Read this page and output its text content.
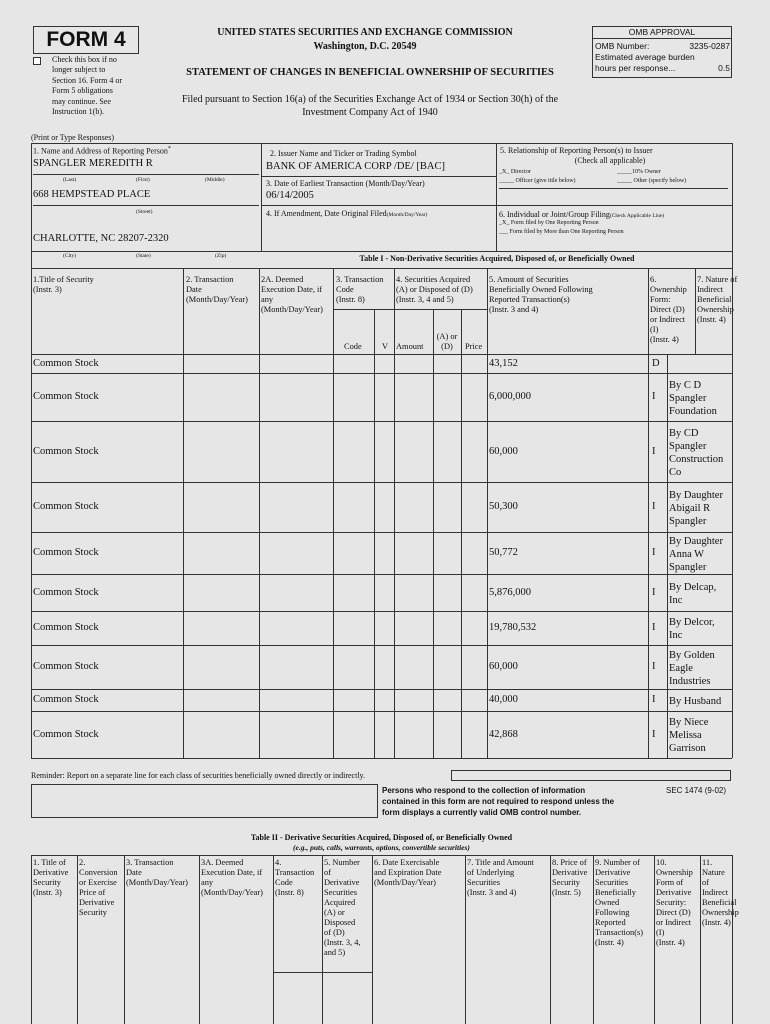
FORM 4
Check this box if no
longer subject to
Section 16. Form 4 or
Form 5 obligations
may continue. See
Instruction 1(b).
UNITED STATES SECURITIES AND EXCHANGE COMMISSION
Washington, D.C. 20549
STATEMENT OF CHANGES IN BENEFICIAL OWNERSHIP OF SECURITIES
Filed pursuant to Section 16(a) of the Securities Exchange Act of 1934 or Section 30(h) of the
Investment Company Act of 1940
OMB APPROVAL
OMB Number:	3235-0287
Estimated average burden
hours per response...	0.5
(Print or Type Responses)
1. Name and Address of Reporting Person*
SPANGLER MEREDITH R
(Last)	(First)	(Middle)
668 HEMPSTEAD PLACE
(Street)
CHARLOTTE, NC 28207-2320
(City)	(State)	(Zip)
2. Issuer Name and Ticker or Trading Symbol
BANK OF AMERICA CORP /DE/ [BAC]
3. Date of Earliest Transaction (Month/Day/Year)
06/14/2005
4. If Amendment, Date Original Filed(Month/Day/Year)
5. Relationship of Reporting Person(s) to Issuer
(Check all applicable)
_X_ Director	_____10% Owner
_____ Officer (give title below)	_____ Other (specify below)
6. Individual or Joint/Group Filing(Check Applicable Line)
_X_ Form filed by One Reporting Person
___ Form filed by More than One Reporting Person
Table I - Non-Derivative Securities Acquired, Disposed of, or Beneficially Owned
1.Title of Security
(Instr. 3)
2. Transaction
Date
(Month/Day/Year)
2A. Deemed
Execution Date, if
any
(Month/Day/Year)
3. Transaction
Code
(Instr. 8)
4. Securities Acquired
(A) or Disposed of (D)
(Instr. 3, 4 and 5)
5. Amount of Securities
Beneficially Owned Following
Reported Transaction(s)
(Instr. 3 and 4)
6.
Ownership
Form:
Direct (D)
or Indirect
(I)
(Instr. 4)
7. Nature of
Indirect
Beneficial
Ownership
(Instr. 4)
Code V Amount
(A) or
(D)	Price
Common Stock	43,152	D
Common Stock	6,000,000	I
By C D
Spangler
Foundation
Common Stock	60,000	I
By CD
Spangler
Construction
Co
Common Stock	50,300	I
By Daughter
Abigail R
Spangler
Common Stock	50,772	I
By Daughter
Anna W
Spangler
Common Stock	5,876,000	I By Delcap,
Inc
Common Stock	19,780,532	I By Delcor,
Inc
Common Stock	60,000	I
By Golden
Eagle
Industries
Common Stock	40,000	I By Husband
Common Stock	42,868	I
By Niece
Melissa
Garrison
Reminder: Report on a separate line for each class of securities beneficially owned directly or indirectly.
Persons who respond to the collection of information
contained in this form are not required to respond unless the
form displays a currently valid OMB control number.
SEC 1474 (9-02)
Table II - Derivative Securities Acquired, Disposed of, or Beneficially Owned
(e.g., puts, calls, warrants, options, convertible securities)
1. Title of
Derivative
Security
(Instr. 3)
2.
Conversion
or Exercise
Price of
Derivative
Security
3. Transaction
Date
(Month/Day/Year)
3A. Deemed
Execution Date, if
any
(Month/Day/Year)
4.
Transaction
Code
(Instr. 8)
5. Number
of
Derivative
Securities
Acquired
(A) or
Disposed
of (D)
(Instr. 3, 4,
and 5)
6. Date Exercisable
and Expiration Date
(Month/Day/Year)
7. Title and Amount
of Underlying
Securities
(Instr. 3 and 4)
8. Price of
Derivative
Security
(Instr. 5)
9. Number of
Derivative
Securities
Beneficially
Owned
Following
Reported
Transaction(s)
(Instr. 4)
10.
Ownership
Form of
Derivative
Security:
Direct (D)
or Indirect
(I)
(Instr. 4)
11. Nature
of Indirect
Beneficial
Ownership
(Instr. 4)
